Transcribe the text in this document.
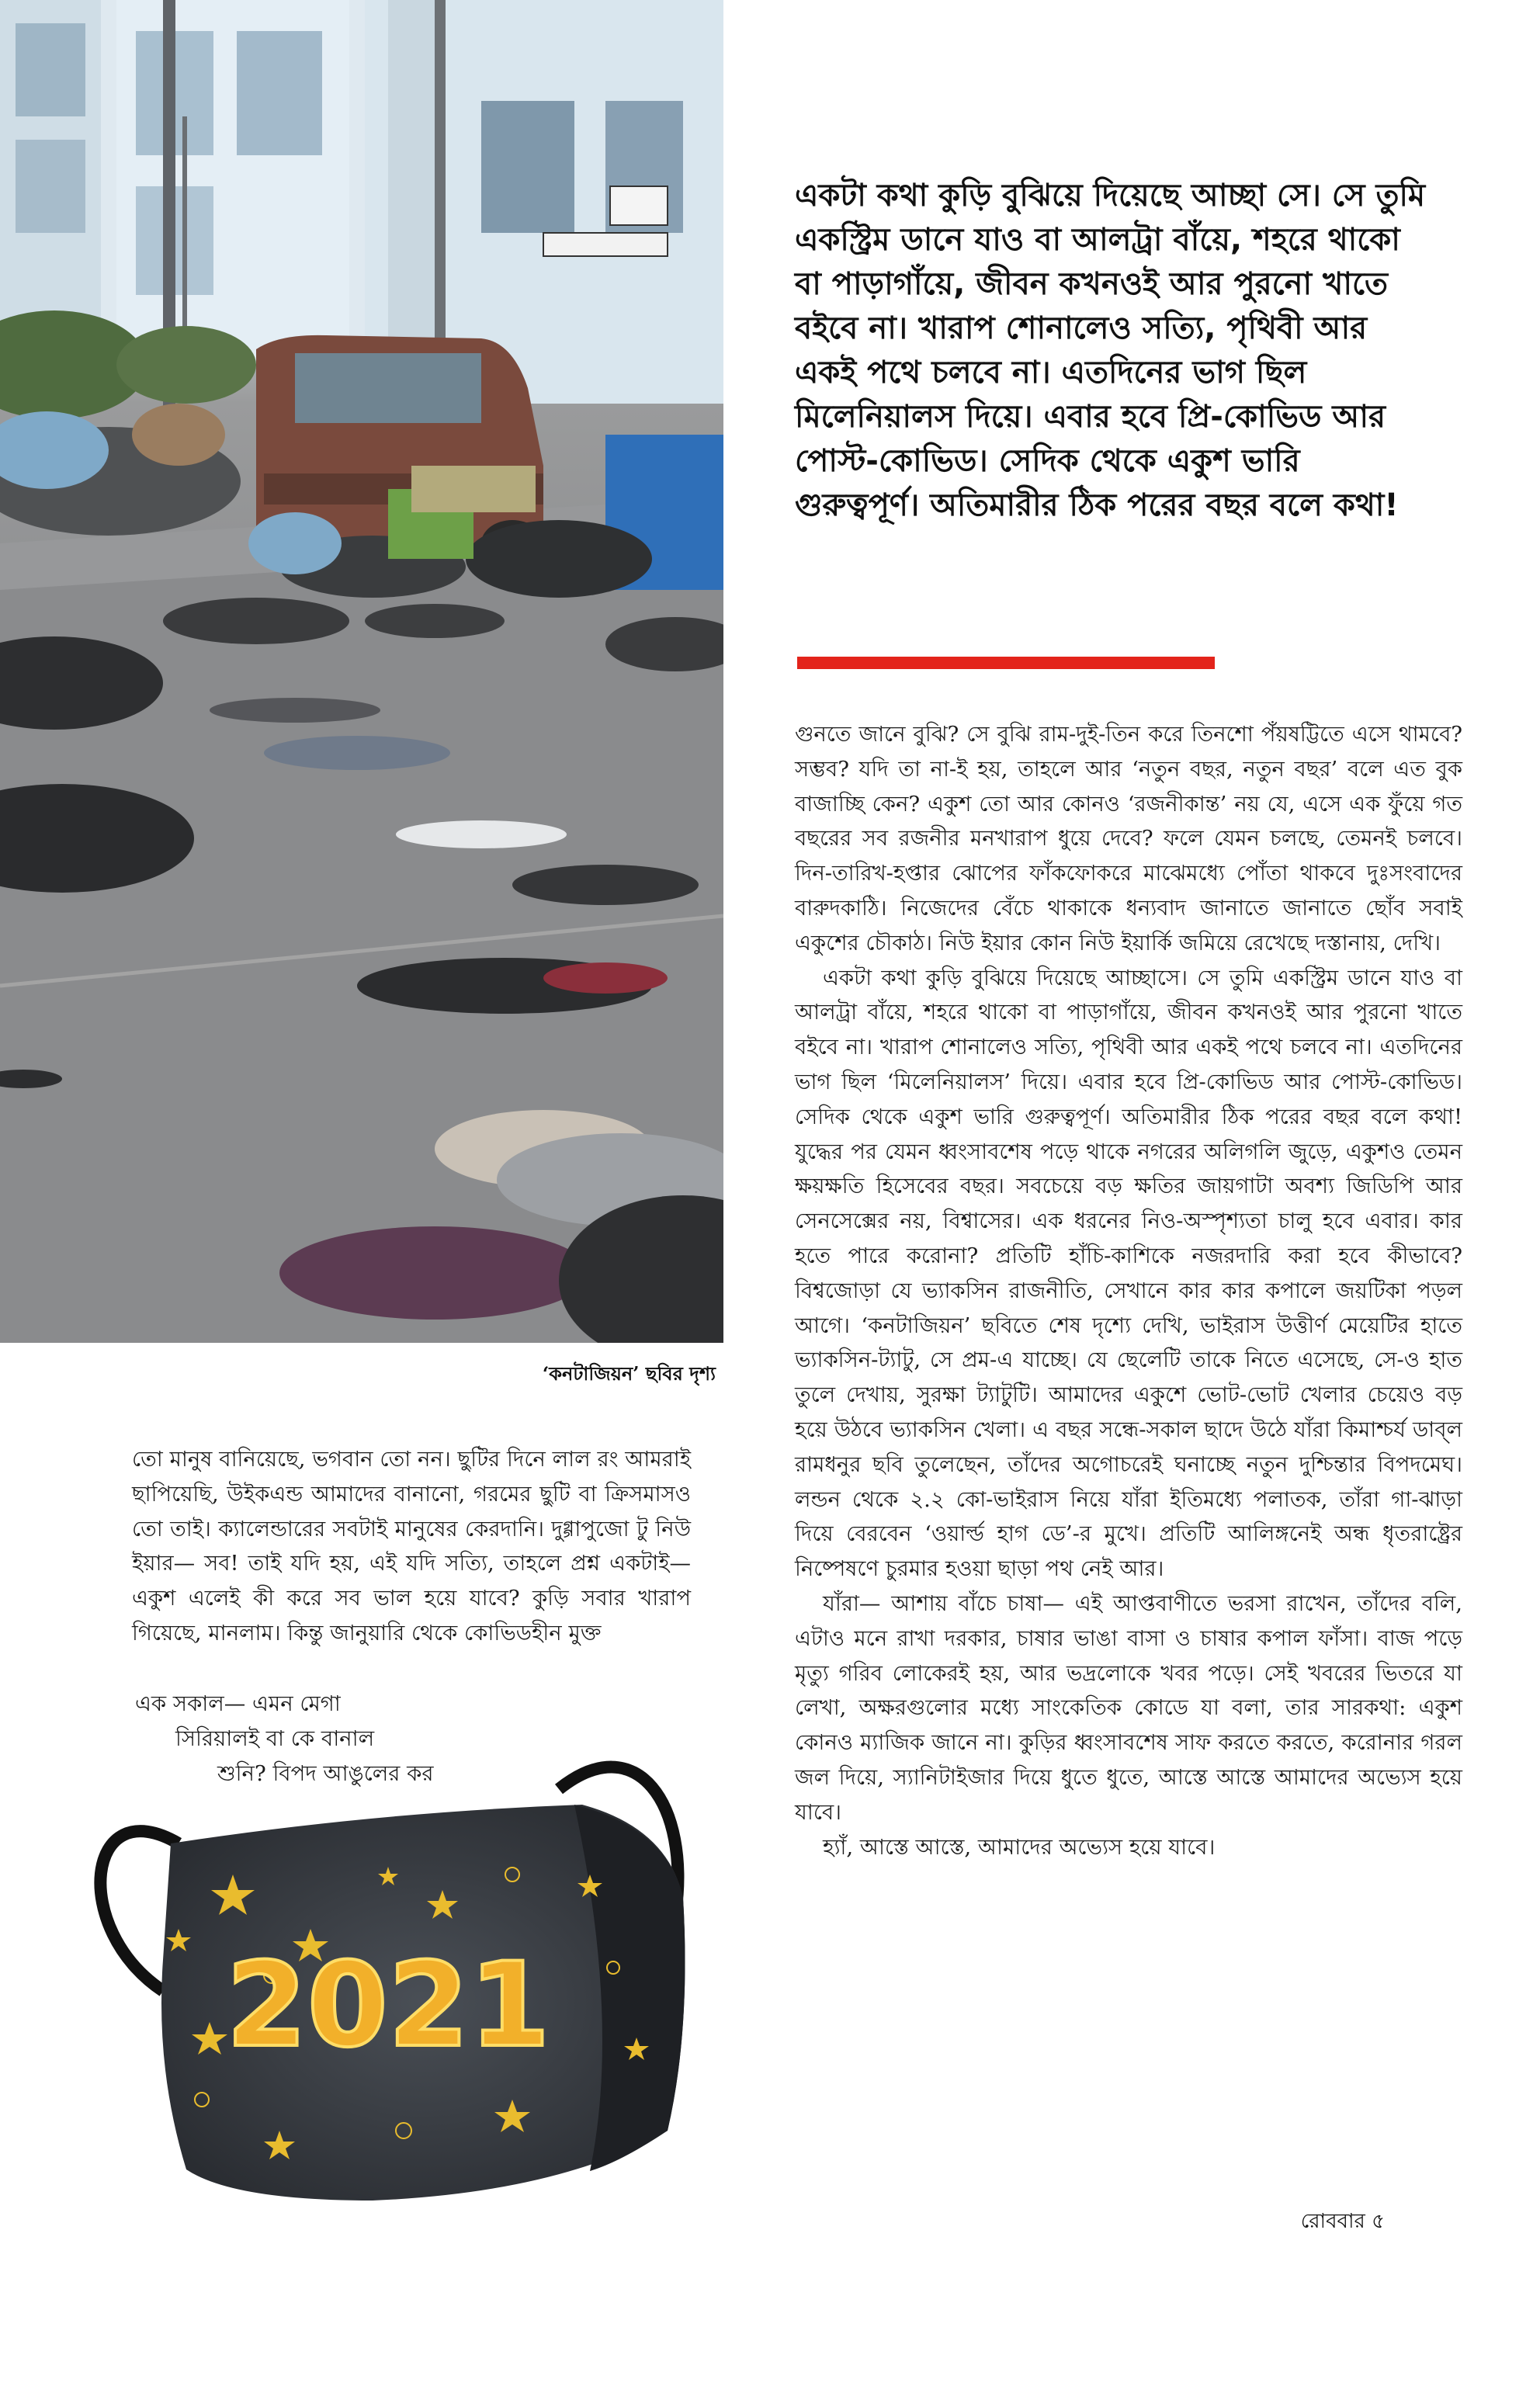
‘কনটাজিয়ন’ ছবির দৃশ্য
একটা কথা কুড়ি বুঝিয়ে দিয়েছে আচ্ছা সে। সে তুমি একস্ট্রিম ডানে যাও বা আলট্রা বাঁয়ে, শহরে থাকো বা পাড়াগাঁয়ে, জীবন কখনওই আর পুরনো খাতে বইবে না। খারাপ শোনালেও সত্যি, পৃথিবী আর একই পথে চলবে না। এতদিনের ভাগ ছিল মিলেনিয়ালস দিয়ে। এবার হবে প্রি-কোভিড আর পোস্ট-কোভিড। সেদিক থেকে একুশ ভারি গুরুত্বপূর্ণ। অতিমারীর ঠিক পরের বছর বলে কথা!

গুনতে জানে বুঝি? সে বুঝি রাম-দুই-তিন করে তিনশো পঁয়ষট্টিতে এসে থামবে? সম্ভব? যদি তা না-ই হয়, তাহলে আর ‘নতুন বছর, নতুন বছর’ বলে এত বুক বাজাচ্ছি কেন? একুশ তো আর কোনও ‘রজনীকান্ত’ নয় যে, এসে এক ফুঁয়ে গত বছরের সব রজনীর মনখারাপ ধুয়ে দেবে? ফলে যেমন চলছে, তেমনই চলবে। দিন-তারিখ-হপ্তার ঝোপের ফাঁকফোকরে মাঝেমধ্যে পোঁতা থাকবে দুঃসংবাদের বারুদকাঠি। নিজেদের বেঁচে থাকাকে ধন্যবাদ জানাতে জানাতে ছোঁব সবাই একুশের চৌকাঠ। নিউ ইয়ার কোন নিউ ইয়ার্কি জমিয়ে রেখেছে দস্তানায়, দেখি।

একটা কথা কুড়ি বুঝিয়ে দিয়েছে আচ্ছাসে। সে তুমি একস্ট্রিম ডানে যাও বা আলট্রা বাঁয়ে, শহরে থাকো বা পাড়াগাঁয়ে, জীবন কখনওই আর পুরনো খাতে বইবে না। খারাপ শোনালেও সত্যি, পৃথিবী আর একই পথে চলবে না। এতদিনের ভাগ ছিল ‘মিলেনিয়ালস’ দিয়ে। এবার হবে প্রি-কোভিড আর পোস্ট-কোভিড। সেদিক থেকে একুশ ভারি গুরুত্বপূর্ণ। অতিমারীর ঠিক পরের বছর বলে কথা! যুদ্ধের পর যেমন ধ্বংসাবশেষ পড়ে থাকে নগরের অলিগলি জুড়ে, একুশও তেমন ক্ষয়ক্ষতি হিসেবের বছর। সবচেয়ে বড় ক্ষতির জায়গাটা অবশ্য জিডিপি আর সেনসেক্সের নয়, বিশ্বাসের। এক ধরনের নিও-অস্পৃশ্যতা চালু হবে এবার। কার হতে পারে করোনা? প্রতিটি হাঁচি-কাশিকে নজরদারি করা হবে কীভাবে? বিশ্বজোড়া যে ভ্যাকসিন রাজনীতি, সেখানে কার কার কপালে জয়টিকা পড়ল আগে। ‘কনটাজিয়ন’ ছবিতে শেষ দৃশ্যে দেখি, ভাইরাস উত্তীর্ণ মেয়েটির হাতে ভ্যাকসিন-ট্যাটু, সে প্রম-এ যাচ্ছে। যে ছেলেটি তাকে নিতে এসেছে, সে-ও হাত তুলে দেখায়, সুরক্ষা ট্যাটুটি। আমাদের একুশে ভোট-ভোট খেলার চেয়েও বড় হয়ে উঠবে ভ্যাকসিন খেলা। এ বছর সন্ধে-সকাল ছাদে উঠে যাঁরা কিমাশ্চর্য ডাব্‌ল রামধনুর ছবি তুলেছেন, তাঁদের অগোচরেই ঘনাচ্ছে নতুন দুশ্চিন্তার বিপদমেঘ। লন্ডন থেকে ২.২ কো-ভাইরাস নিয়ে যাঁরা ইতিমধ্যে পলাতক, তাঁরা গা-ঝাড়া দিয়ে বেরবেন ‘ওয়ার্ল্ড হাগ ডে’-র মুখে। প্রতিটি আলিঙ্গনেই অন্ধ ধৃতরাষ্ট্রের নিষ্পেষণে চুরমার হওয়া ছাড়া পথ নেই আর।

যাঁরা— আশায় বাঁচে চাষা— এই আপ্তবাণীতে ভরসা রাখেন, তাঁদের বলি, এটাও মনে রাখা দরকার, চাষার ভাঙা বাসা ও চাষার কপাল ফাঁসা। বাজ পড়ে মৃত্যু গরিব লোকেরই হয়, আর ভদ্রলোকে খবর পড়ে। সেই খবরের ভিতরে যা লেখা, অক্ষরগুলোর মধ্যে সাংকেতিক কোডে যা বলা, তার সারকথা: একুশ কোনও ম্যাজিক জানে না। কুড়ির ধ্বংসাবশেষ সাফ করতে করতে, করোনার গরল জল দিয়ে, স্যানিটাইজার দিয়ে ধুতে ধুতে, আস্তে আস্তে আমাদের অভ্যেস হয়ে যাবে।

হ্যাঁ, আস্তে আস্তে, আমাদের অভ্যেস হয়ে যাবে।

তো মানুষ বানিয়েছে, ভগবান তো নন। ছুটির দিনে লাল রং আমরাই ছাপিয়েছি, উইকএন্ড আমাদের বানানো, গরমের ছুটি বা ক্রিসমাসও তো তাই। ক্যালেন্ডারের সবটাই মানুষের কেরদানি। দুগ্গাপুজো টু নিউ ইয়ার— সব! তাই যদি হয়, এই যদি সত্যি, তাহলে প্রশ্ন একটাই— একুশ এলেই কী করে সব ভাল হয়ে যাবে? কুড়ি সবার খারাপ গিয়েছে, মানলাম। কিন্তু জানুয়ারি থেকে কোভিডহীন মুক্ত
2021
এক সকাল— এমন মেগা
সিরিয়ালই বা কে বানাল
শুনি? বিপদ আঙুলের কর
রোববার ৫
